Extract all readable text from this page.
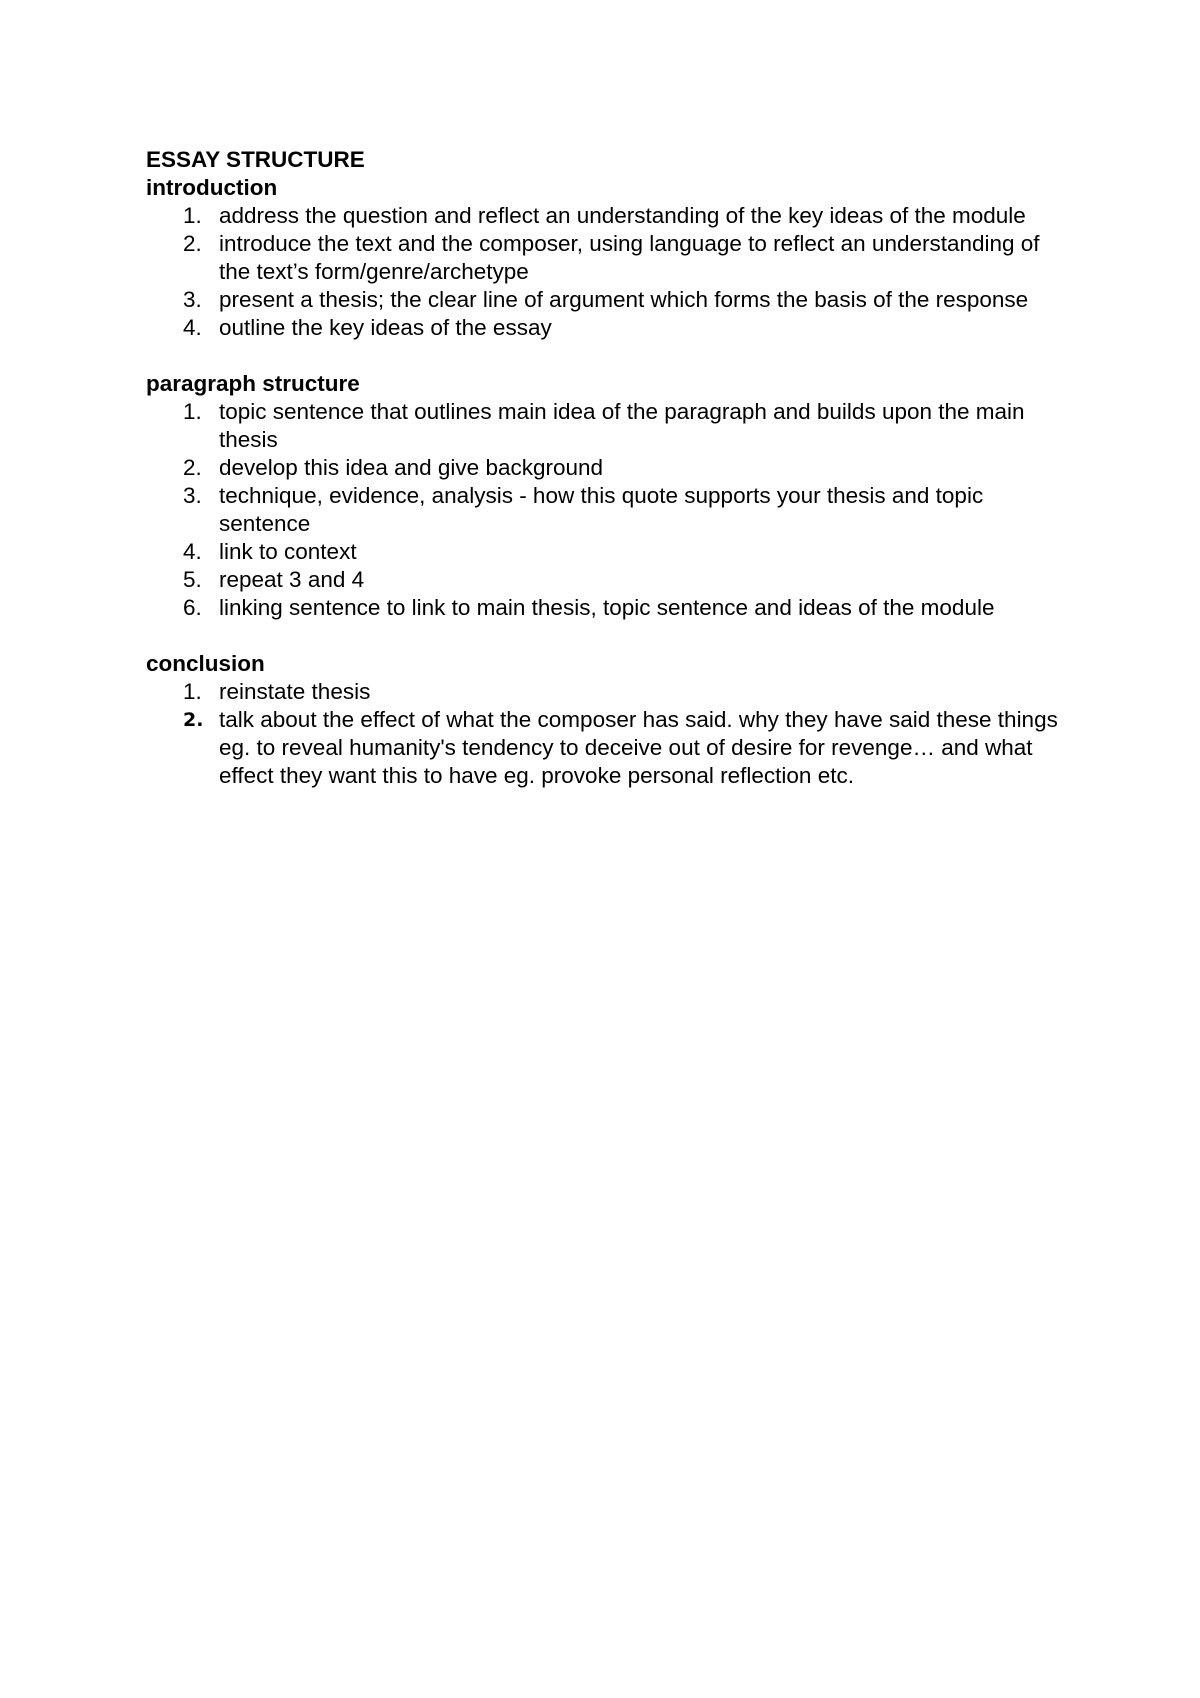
ESSAY STRUCTURE
introduction
1. address the question and reflect an understanding of the key ideas of the module
2. introduce the text and the composer, using language to reflect an understanding of the text’s form/genre/archetype
3. present a thesis; the clear line of argument which forms the basis of the response
4. outline the key ideas of the essay
paragraph structure
1. topic sentence that outlines main idea of the paragraph and builds upon the main thesis
2. develop this idea and give background
3. technique, evidence, analysis - how this quote supports your thesis and topic sentence
4. link to context
5. repeat 3 and 4
6. linking sentence to link to main thesis, topic sentence and ideas of the module
conclusion
1. reinstate thesis
2. talk about the effect of what the composer has said. why they have said these things eg. to reveal humanity's tendency to deceive out of desire for revenge… and what effect they want this to have eg. provoke personal reflection etc.
